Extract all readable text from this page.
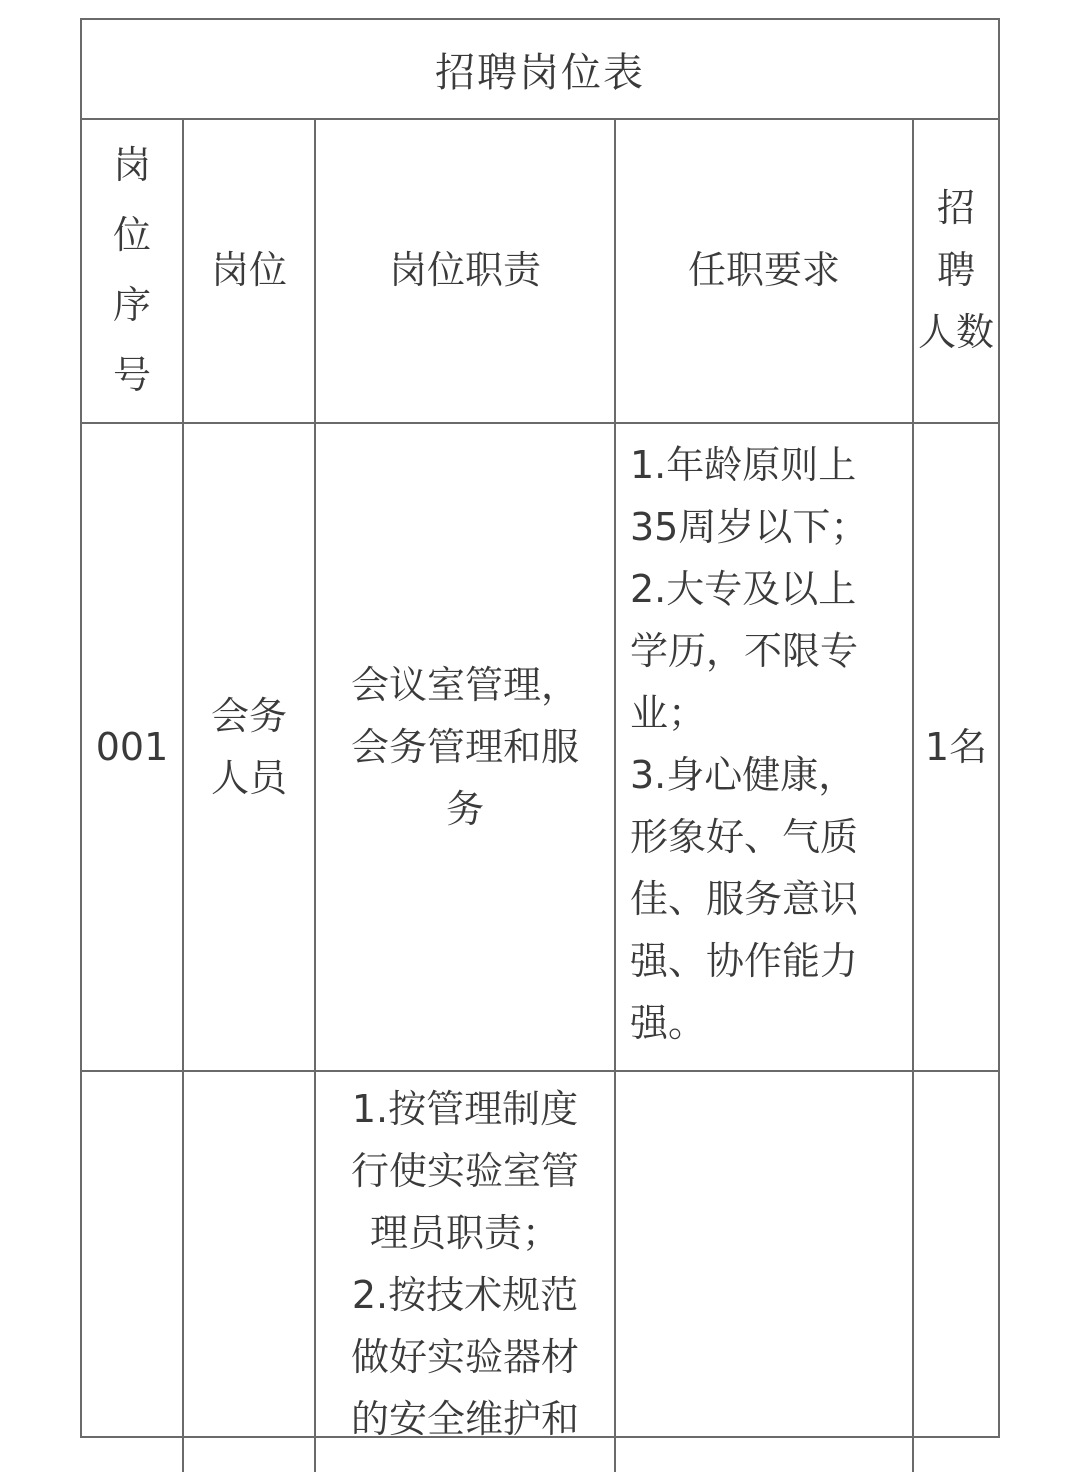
招聘岗位表
岗
位
序
号
岗位	岗位职责	任职要求
招 聘
人数
001
会务
人员
会议室管理，
会务管理和服
务
1.年龄原则上
35周岁以下；
2.大专及以上
学历，不限专
业；
3.身心健康，
形象好、气质
佳、服务意识
强、协作能力
强。
1名
1.按管理制度
行使实验室管
理员职责；
2.按技术规范
做好实验器材
的安全维护和
